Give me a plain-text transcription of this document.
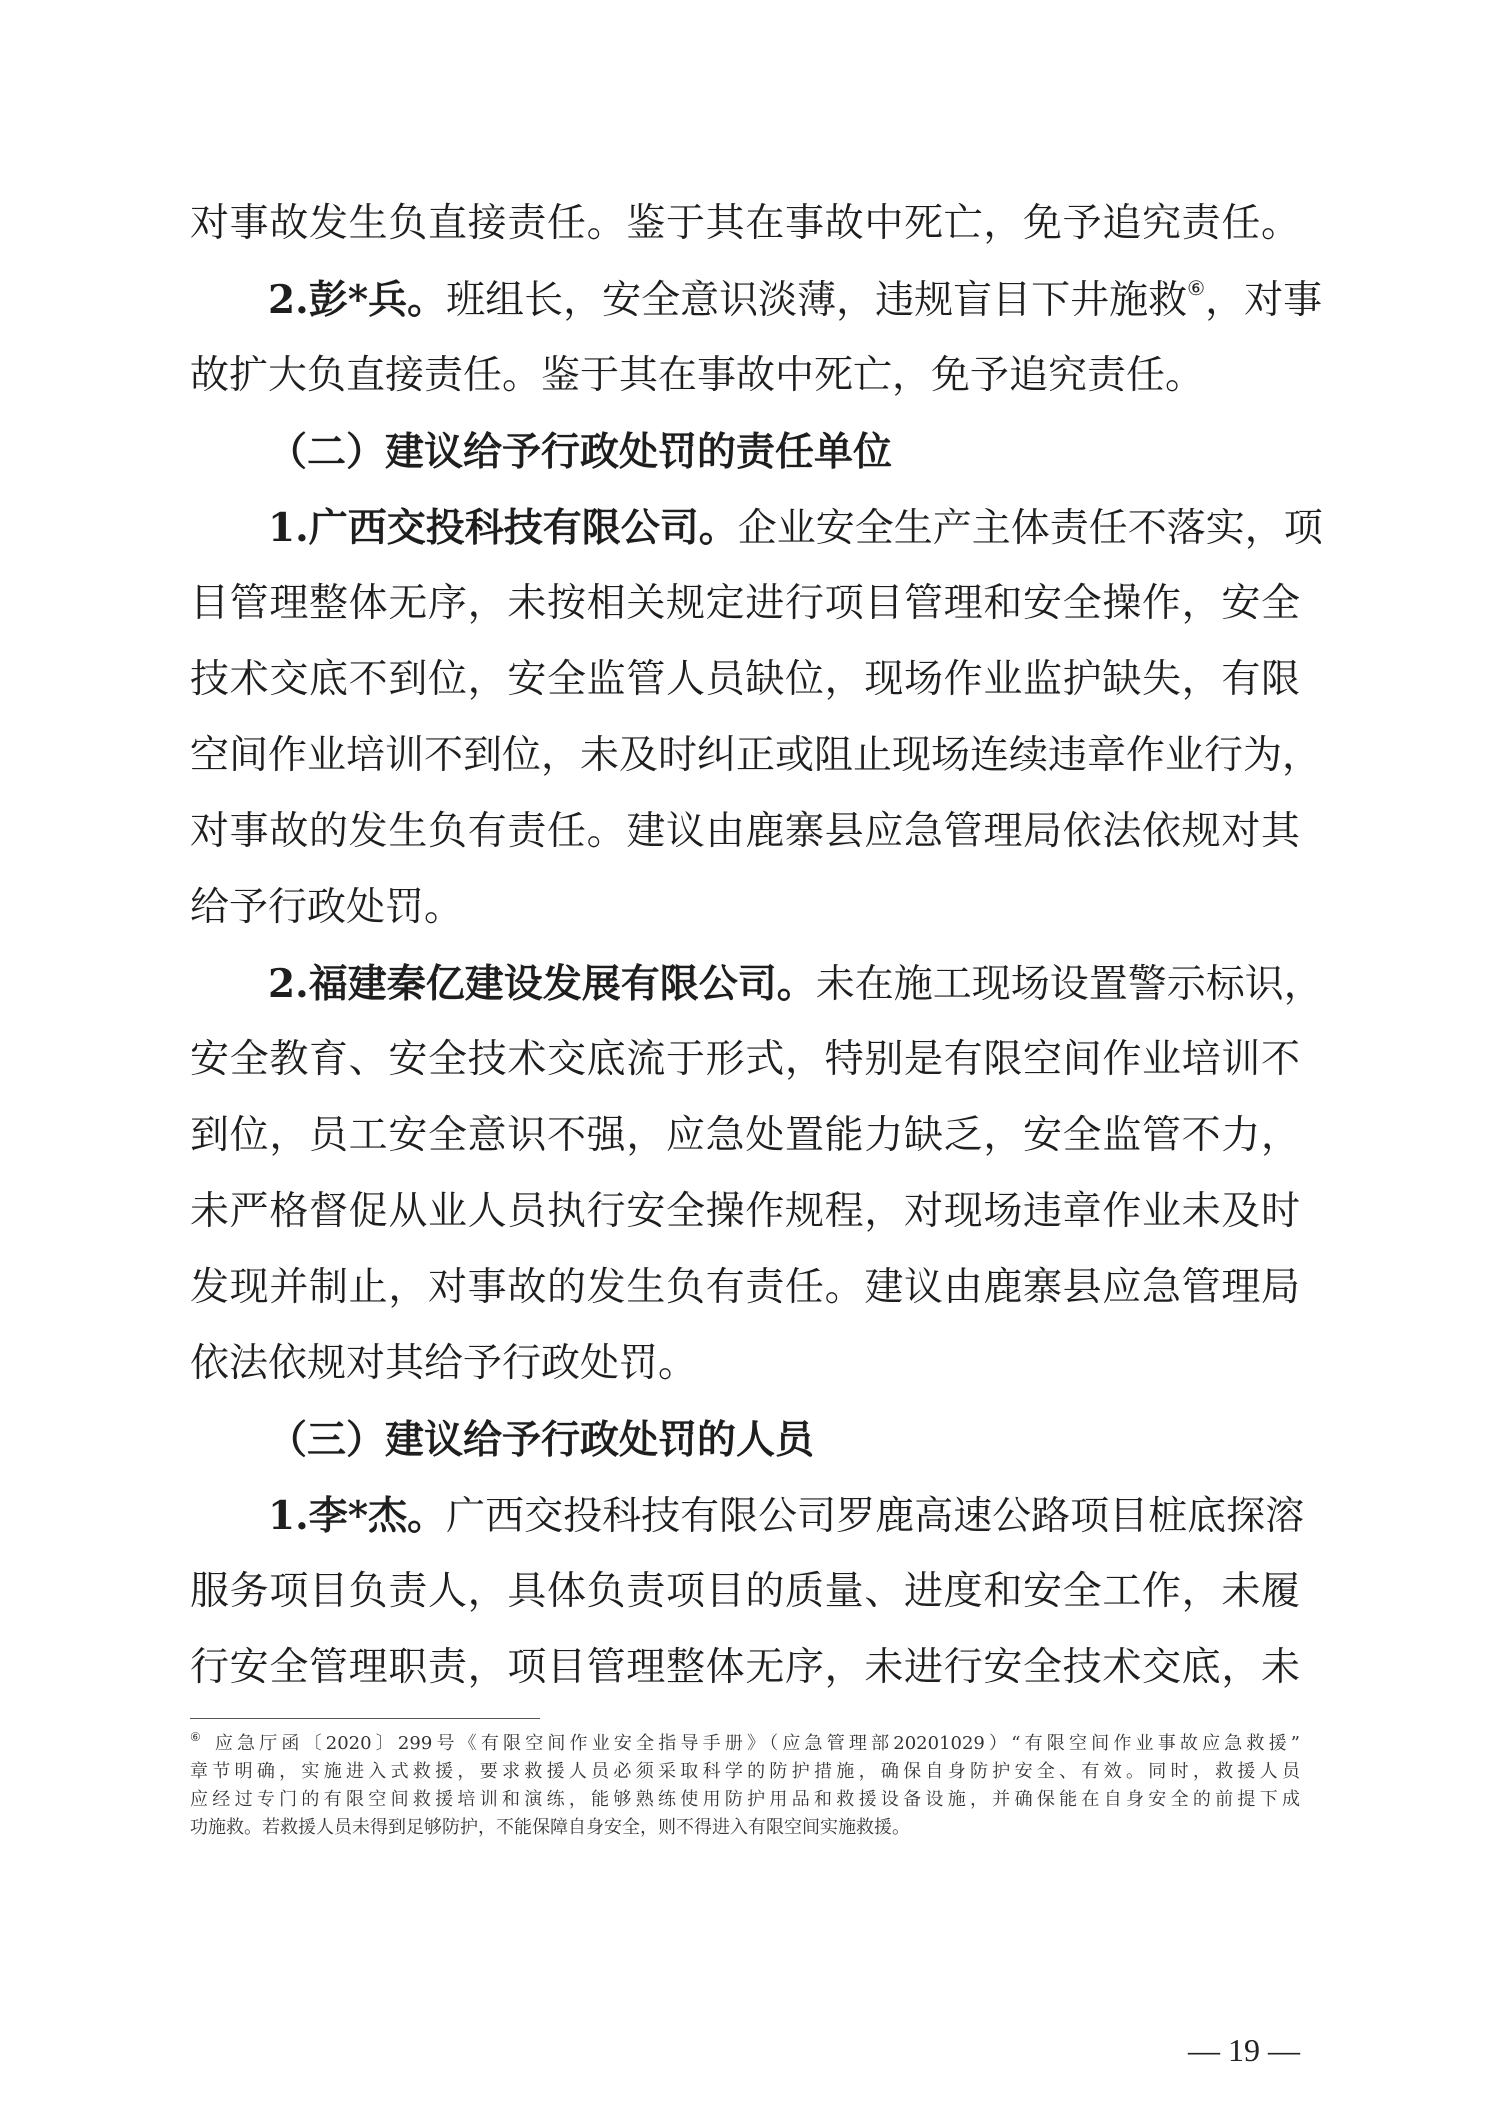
对事故发生负直接责任。鉴于其在事故中死亡，免予追究责任。
2.彭*兵。班组长，安全意识淡薄，违规盲目下井施救⑥，对事
故扩大负直接责任。鉴于其在事故中死亡，免予追究责任。
（二）建议给予行政处罚的责任单位
1.广西交投科技有限公司。企业安全生产主体责任不落实，项
目管理整体无序，未按相关规定进行项目管理和安全操作，安全
技术交底不到位，安全监管人员缺位，现场作业监护缺失，有限
空间作业培训不到位，未及时纠正或阻止现场连续违章作业行为，
对事故的发生负有责任。建议由鹿寨县应急管理局依法依规对其
给予行政处罚。
2.福建秦亿建设发展有限公司。未在施工现场设置警示标识，
安全教育、安全技术交底流于形式，特别是有限空间作业培训不
到位，员工安全意识不强，应急处置能力缺乏，安全监管不力，
未严格督促从业人员执行安全操作规程，对现场违章作业未及时
发现并制止，对事故的发生负有责任。建议由鹿寨县应急管理局
依法依规对其给予行政处罚。
（三）建议给予行政处罚的人员
1.李*杰。广西交投科技有限公司罗鹿高速公路项目桩底探溶
服务项目负责人，具体负责项目的质量、进度和安全工作，未履
行安全管理职责，项目管理整体无序，未进行安全技术交底，未
⑥ 应急厅函〔2020〕299号《有限空间作业安全指导手册》（应急管理部20201029）“有限空间作业事故应急救援”
章节明确，实施进入式救援，要求救援人员必须采取科学的防护措施，确保自身防护安全、有效。同时，救援人员
应经过专门的有限空间救援培训和演练，能够熟练使用防护用品和救援设备设施，并确保能在自身安全的前提下成
功施救。若救援人员未得到足够防护，不能保障自身安全，则不得进入有限空间实施救援。
— 19 —
